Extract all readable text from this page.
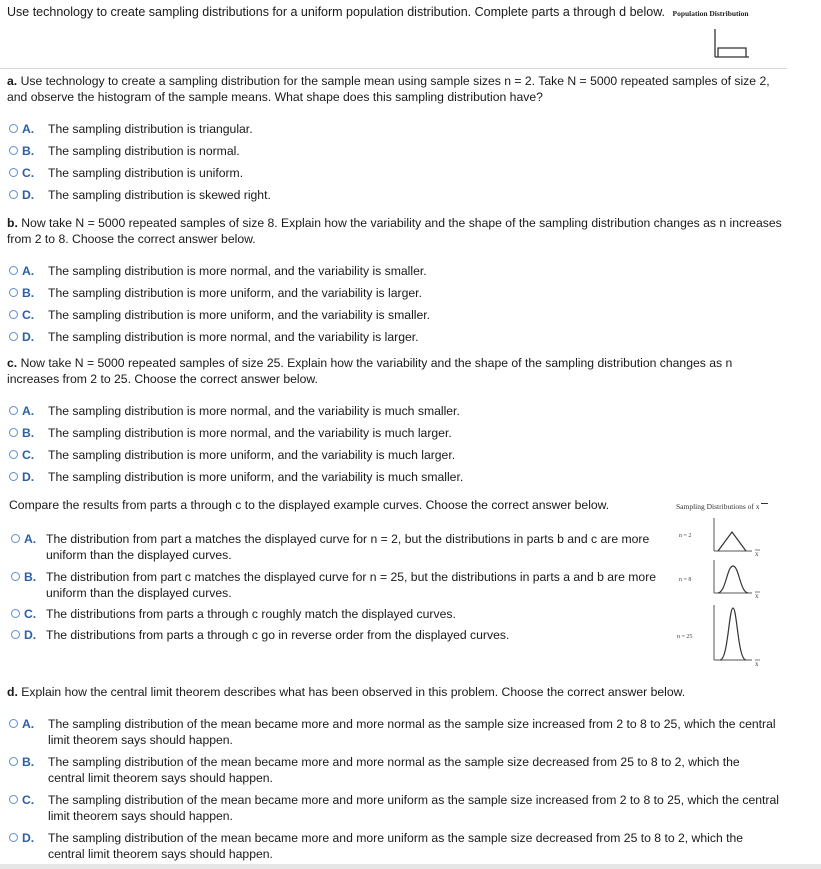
Use technology to create sampling distributions for a uniform population distribution. Complete parts a through d below. Population Distribution
a. Use technology to create a sampling distribution for the sample mean using sample sizes n = 2. Take N = 5000 repeated samples of size 2, and observe the histogram of the sample means. What shape does this sampling distribution have?
A.	The sampling distribution is triangular.
B.	The sampling distribution is normal.
C.	The sampling distribution is uniform.
D.	The sampling distribution is skewed right.
b. Now take N = 5000 repeated samples of size 8. Explain how the variability and the shape of the sampling distribution changes as n increases from 2 to 8. Choose the correct answer below.
A.	The sampling distribution is more normal, and the variability is smaller.
B.	The sampling distribution is more uniform, and the variability is larger.
C.	The sampling distribution is more uniform, and the variability is smaller.
D.	The sampling distribution is more normal, and the variability is larger.
c. Now take N = 5000 repeated samples of size 25. Explain how the variability and the shape of the sampling distribution changes as n increases from 2 to 25. Choose the correct answer below.
A.	The sampling distribution is more normal, and the variability is much smaller.
B.	The sampling distribution is more normal, and the variability is much larger.
C.	The sampling distribution is more uniform, and the variability is much larger.
D.	The sampling distribution is more uniform, and the variability is much smaller.
Compare the results from parts a through c to the displayed example curves. Choose the correct answer below.	Sampling Distributions of x
n = 2
x
n = 8
x
n = 25
x
A. The distribution from part a matches the displayed curve for n = 2, but the distributions in parts b and c are more uniform than the displayed curves.
B. The distribution from part c matches the displayed curve for n = 25, but the distributions in parts a and b are more uniform than the displayed curves.
C. The distributions from parts a through c roughly match the displayed curves.
D. The distributions from parts a through c go in reverse order from the displayed curves.
d. Explain how the central limit theorem describes what has been observed in this problem. Choose the correct answer below.
A.	The sampling distribution of the mean became more and more normal as the sample size increased from 2 to 8 to 25, which the central limit theorem says should happen.
B.	The sampling distribution of the mean became more and more normal as the sample size decreased from 25 to 8 to 2, which the central limit theorem says should happen.
C.	The sampling distribution of the mean became more and more uniform as the sample size increased from 2 to 8 to 25, which the central limit theorem says should happen.
D.	The sampling distribution of the mean became more and more uniform as the sample size decreased from 25 to 8 to 2, which the central limit theorem says should happen.
